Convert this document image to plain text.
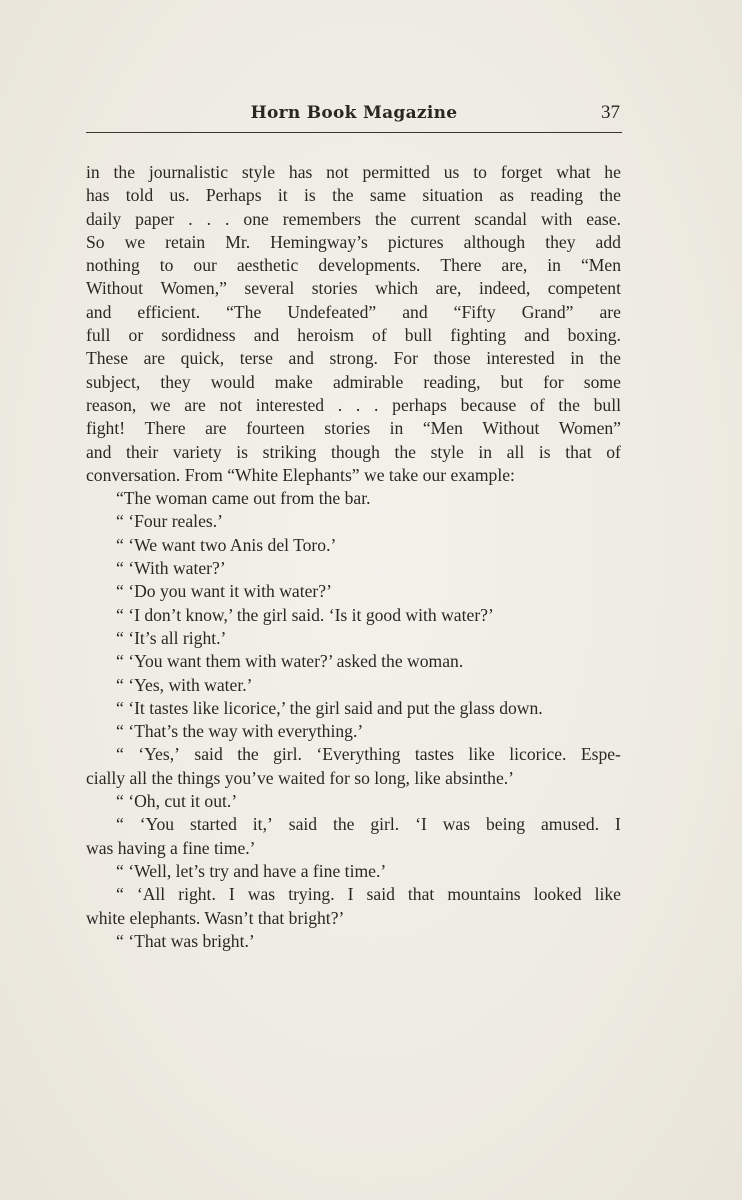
Horn Book Magazine	37
in the journalistic style has not permitted us to forget what he
has told us. Perhaps it is the same situation as reading the
daily paper . . . one remembers the current scandal with ease.
So we retain Mr. Hemingway’s pictures although they add
nothing to our aesthetic developments. There are, in “Men
Without Women,” several stories which are, indeed, competent
and efficient. “The Undefeated” and “Fifty Grand” are
full or sordidness and heroism of bull fighting and boxing.
These are quick, terse and strong. For those interested in the
subject, they would make admirable reading, but for some
reason, we are not interested . . . perhaps because of the bull
fight! There are fourteen stories in “Men Without Women”
and their variety is striking though the style in all is that of
conversation. From “White Elephants” we take our example:
“The woman came out from the bar.
“ ‘Four reales.’
“ ‘We want two Anis del Toro.’
“ ‘With water?’
“ ‘Do you want it with water?’
“ ‘I don’t know,’ the girl said. ‘Is it good with water?’
“ ‘It’s all right.’
“ ‘You want them with water?’ asked the woman.
“ ‘Yes, with water.’
“ ‘It tastes like licorice,’ the girl said and put the glass down.
“ ‘That’s the way with everything.’
“ ‘Yes,’ said the girl. ‘Everything tastes like licorice. Espe-
cially all the things you’ve waited for so long, like absinthe.’
“ ‘Oh, cut it out.’
“ ‘You started it,’ said the girl. ‘I was being amused. I
was having a fine time.’
“ ‘Well, let’s try and have a fine time.’
“ ‘All right. I was trying. I said that mountains looked like
white elephants. Wasn’t that bright?’
“ ‘That was bright.’
